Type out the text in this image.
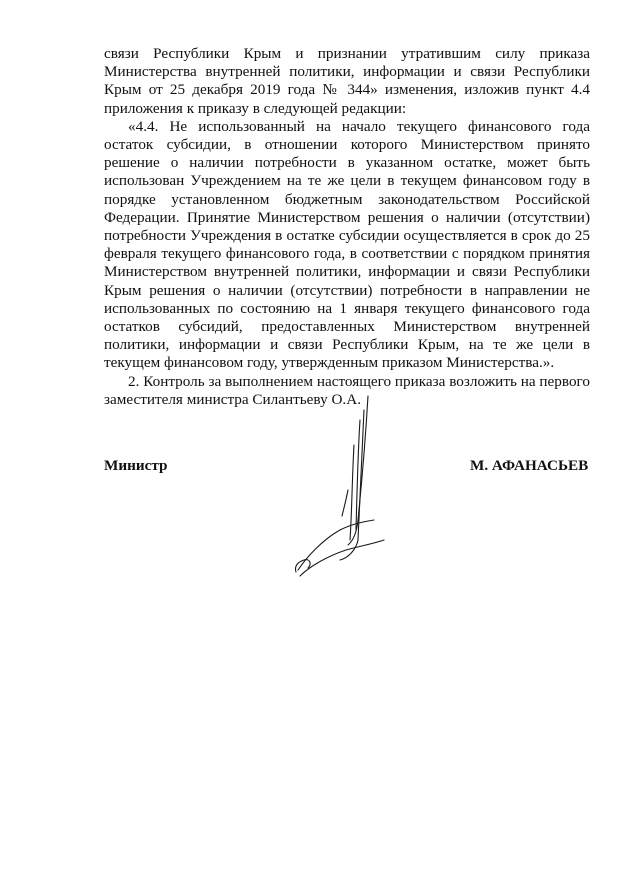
связи Республики Крым и признании утратившим силу приказа Министерства внутренней политики, информации и связи Республики Крым от 25 декабря 2019 года № 344» изменения, изложив пункт 4.4 приложения к приказу в следующей редакции:

«4.4. Не использованный на начало текущего финансового года остаток субсидии, в отношении которого Министерством принято решение о наличии потребности в указанном остатке, может быть использован Учреждением на те же цели в текущем финансовом году в порядке установленном бюджетным законодательством Российской Федерации. Принятие Министерством решения о наличии (отсутствии) потребности Учреждения в остатке субсидии осуществляется в срок до 25 февраля текущего финансового года, в соответствии с порядком принятия Министерством внутренней политики, информации и связи Республики Крым решения о наличии (отсутствии) потребности в направлении не использованных по состоянию на 1 января текущего финансового года остатков субсидий, предоставленных Министерством внутренней политики, информации и связи Республики Крым, на те же цели в текущем финансовом году, утвержденным приказом Министерства.».

2. Контроль за выполнением настоящего приказа возложить на первого заместителя министра Силантьеву О.А.

Министр	М. АФАНАСЬЕВ
